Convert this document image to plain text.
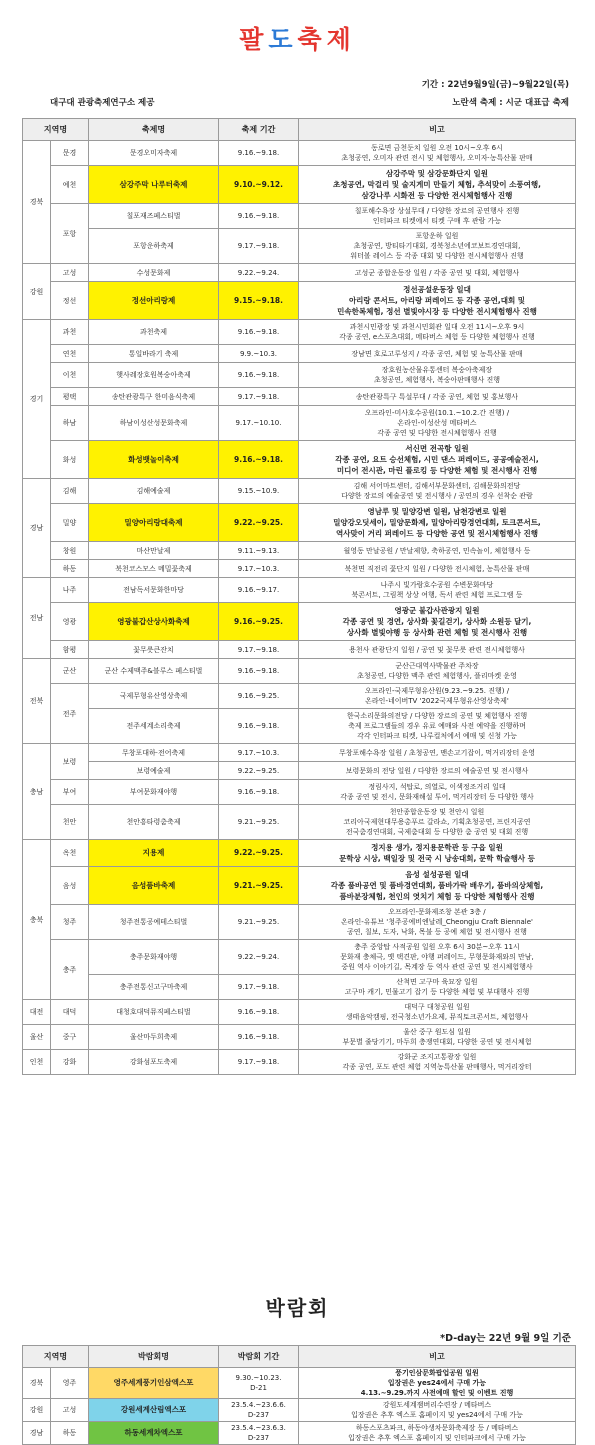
팔도축제
기간 : 22년9월9일(금)~9월22일(목)
대구대 관광축제연구소 제공	노란색 축제 : 시군 대표급 축제
지역명		축제명	축제 기간	비고
경북	문경	문경오미자축제	9.16.~9.18.	동로면 금천둔치 일원 오전 10시~오후 6시
초청공연, 오미자 관련 전시 및 체험행사, 오미자·농특산물 판매
	예천	삼강주막 나루터축제	9.10.~9.12.	삼강주막 및 삼강문화단지 일원
초청공연, 막걸리 및 술지게미 만들기 체험, 추석맞이 소풍여행,
삼강나루 시화전 등 다양한 전시체험행사 진행
	포항	칠포재즈페스티벌	9.16.~9.18.	칠포해수욕장 상설무대 / 다양한 장르의 공연행사 진행
인터파크 티켓에서 티켓 구매 후 관람 가능
		포항운하축제	9.17.~9.18.	포항운하 일원
초청공연, 방티타기대회, 경북청소년에코보트경연대회,
워터볼 레이스 등 각종 대회 및 다양한 전시체험행사 진행
강원	고성	수성문화제	9.22.~9.24.	고성군 종합운동장 일원 / 각종 공연 및 대회, 체험행사
	정선	정선아리랑제	9.15.~9.18.	정선공설운동장 일대
아리랑 콘서트, 아리랑 퍼레이드 등 각종 공연,대회 및
민속한복체험, 정선 별빛야시장 등 다양한 전시체험행사 진행
경기	과천	과천축제	9.16.~9.18.	과천시민광장 및 과천시민회관 일대 오전 11시~오후 9시
각종 공연, e스포츠대회, 메타버스 체험 등 다양한 체험행사 진행
	연천	통일바라기 축제	9.9.~10.3.	장남면 호로고루성지 / 각종 공연, 체험 및 농특산물 판매
	이천	햇사레장호원복숭아축제	9.16.~9.18.	장호원농산물유통센터 복숭아축제장
초청공연, 체험행사, 복숭아판매행사 진행
	평택	송탄관광특구 한미음식축제	9.17.~9.18.	송탄관광특구 특설무대 / 각종 공연, 체험 및 홍보행사
	하남	하남이성산성문화축제	9.17.~10.10.	오프라인-미사호수공원(10.1.~10.2.간 진행) /
온라인-이성산성 메타버스
각종 공연 및 다양한 전시체험행사 진행
	화성	화성뱃놀이축제	9.16.~9.18.	서신면 전곡항 일원
각종 공연, 요트 승선체험, 시민 댄스 퍼레이드, 공공예술전시,
미디어 전시관, 마린 플로킹 등 다양한 체험 및 전시행사 진행
경남	김해	김해예술제	9.15.~10.9.	김해 서어마트센터, 김해서부문화센터, 김해문화의전당
다양한 장르의 예술공연 및 전시행사 / 공연의 경우 선착순 관람
	밀양	밀양아리랑대축제	9.22.~9.25.	영남루 및 밀양강변 일원, 남천강변로 일원
밀양강오딧세이, 밀양문화제, 밀양아리랑경연대회, 토크콘서트,
역사맞이 거리 퍼레이드 등 다양한 공연 및 전시체험행사 진행
	창원	마산만날제	9.11.~9.13.	월영동 만날공원 / 만날제향, 축하공연, 민속놀이, 체험행사 등
	하동	북천코스모스 메밀꽃축제	9.17.~10.3.	북천면 직전리 꽃단지 일원 / 다양한 전시체험, 농특산물 판매
전남	나주	전남독서문화한마당	9.16.~9.17.	나주시 빛가람호수공원 수변문화마당
북콘서트, 그림책 상상 여행, 독서 관련 체험 프로그램 등
	영광	영광불갑산상사화축제	9.16.~9.25.	영광군 불갑사관광지 일원
각종 공연 및 경연, 상사화 꽃길걷기, 상사화 소원등 달기,
상사화 별빛야행 등 상사화 관련 체험 및 전시행사 진행
	함평	꽃무릇큰잔치	9.17.~9.18.	용천사 관광단지 일원 / 공연 및 꽃무릇 관련 전시체험행사
전북	군산	군산 수제맥주&블루스 페스티벌	9.16.~9.18.	군산근대역사박물관 주차장
초청공연, 다양한 맥주 관련 체험행사, 플리마켓 운영
	전주	국제무형유산영상축제	9.16.~9.25.	오프라인-국제무형유산원(9.23.~9.25. 진행) /
온라인-네이버TV '2022국제무형유산영상축제'
		전주세계소리축제	9.16.~9.18.	한국소리문화의전당 / 다양한 장르의 공연 및 체험행사 진행
축제 프로그램들의 경우 유료 예매와 사전 예약을 진행하며
각각 인터파크 티켓, 나루컬처에서 예매 및 신청 가능
충남	보령	무창포대하·전어축제	9.17.~10.3.	무창포해수욕장 일원 / 초청공연, 맨손고기잡이, 먹거리장터 운영
		보령예술제	9.22.~9.25.	보령문화의 전당 일원 / 다양한 장르의 예술공연 및 전시행사
	부여	부여문화재야행	9.16.~9.18.	정림사지, 석탑로, 의열로, 이색정조거리 일대
각종 공연 및 전시, 문화재해설 투어, 먹거리장터 등 다양한 행사
	천안	천안흥타령춤축제	9.21.~9.25.	천안종합운동장 및 천안시 일원
코리아국제현대무용총푸르 갈라쇼, 기획초청공연, 프린지공연
전국춤경연대회, 국제춤대회 등 다양한 춤 공연 및 대회 진행
충북	옥천	지용제	9.22.~9.25.	정지용 생가, 정지용문학관 등 구읍 일원
문학상 시상, 백일장 및 전국 시 낭송대회, 문학 학술행사 등
	음성	음성품바축제	9.21.~9.25.	음성 설성공원 일대
각종 품바공연 및 품바경연대회, 품바가락 배우기, 품바의상체험,
품바분장체험, 천인의 엿치기 체험 등 다양한 체험행사 진행
	청주	청주전통공예테스티벌	9.21.~9.25.	오프라인-문화제조창 본관 3층 /
온라인-유튜브 '청주공예비엔날레_Cheongju Craft Biennale'
공연, 칠보, 도자, 낙화, 목불 등 공예 체험 및 전시행사 진행
	충주	충주문화재야행	9.22.~9.24.	충주 중앙탑 사적공원 일원 오후 6시 30분~오후 11시
문화재 충체극, 옛 택견판, 야행 퍼레이드, 무형문화재와의 만남,
중원 역사 이야기길, 목계장 등 역사 관련 공연 및 전시체험행사
		충주전통신고구마축제	9.17.~9.18.	산척면 고구마 육묘장 일원
고구마 캐기, 민물고기 잡기 등 다양한 체험 및 부대행사 진행
대전	대덕	대청호대덕뮤직페스티벌	9.16.~9.18.	대덕구 대청공원 일원
생태음악캠핑, 전국청소년가요제, 뮤직토크콘서트, 체험행사
울산	중구	울산마두희축제	9.16.~9.18.	울산 중구 원도심 일원
부문별 줄당기기, 마두희 층쟁연대회, 다양한 공연 및 전시체험
인천	강화	강화섬포도축제	9.17.~9.18.	강화군 조지고통광장 일원
각종 공연, 포도 관련 체험 지역농특산물 판매행사, 먹거리장터
박람회
*D-day는 22년 9월 9일 기준
지역명		박람회명	박람회 기간	비고
경북	영주	영주세계풍기인삼엑스포	9.30.~10.23.
D-21	풍기인삼문화팝업공원 일원
입장권은 yes24에서 구매 가능
4.13.~9.29.까지 사전예매 할인 및 이벤트 진행
강원	고성	강원세계산림엑스포	23.5.4.~23.6.6.
D-237	강원도세계잼버리수련장 / 메타버스
입장권은 추후 엑스포 홈페이지 및 yes24에서 구매 가능
경남	하동	하동세계차엑스포	23.5.4.~23.6.3.
D-237	하동스포츠파크, 하동야생차문화축제장 등 / 메타버스
입장권은 추후 엑스포 홈페이지 및 인터파크에서 구매 가능
